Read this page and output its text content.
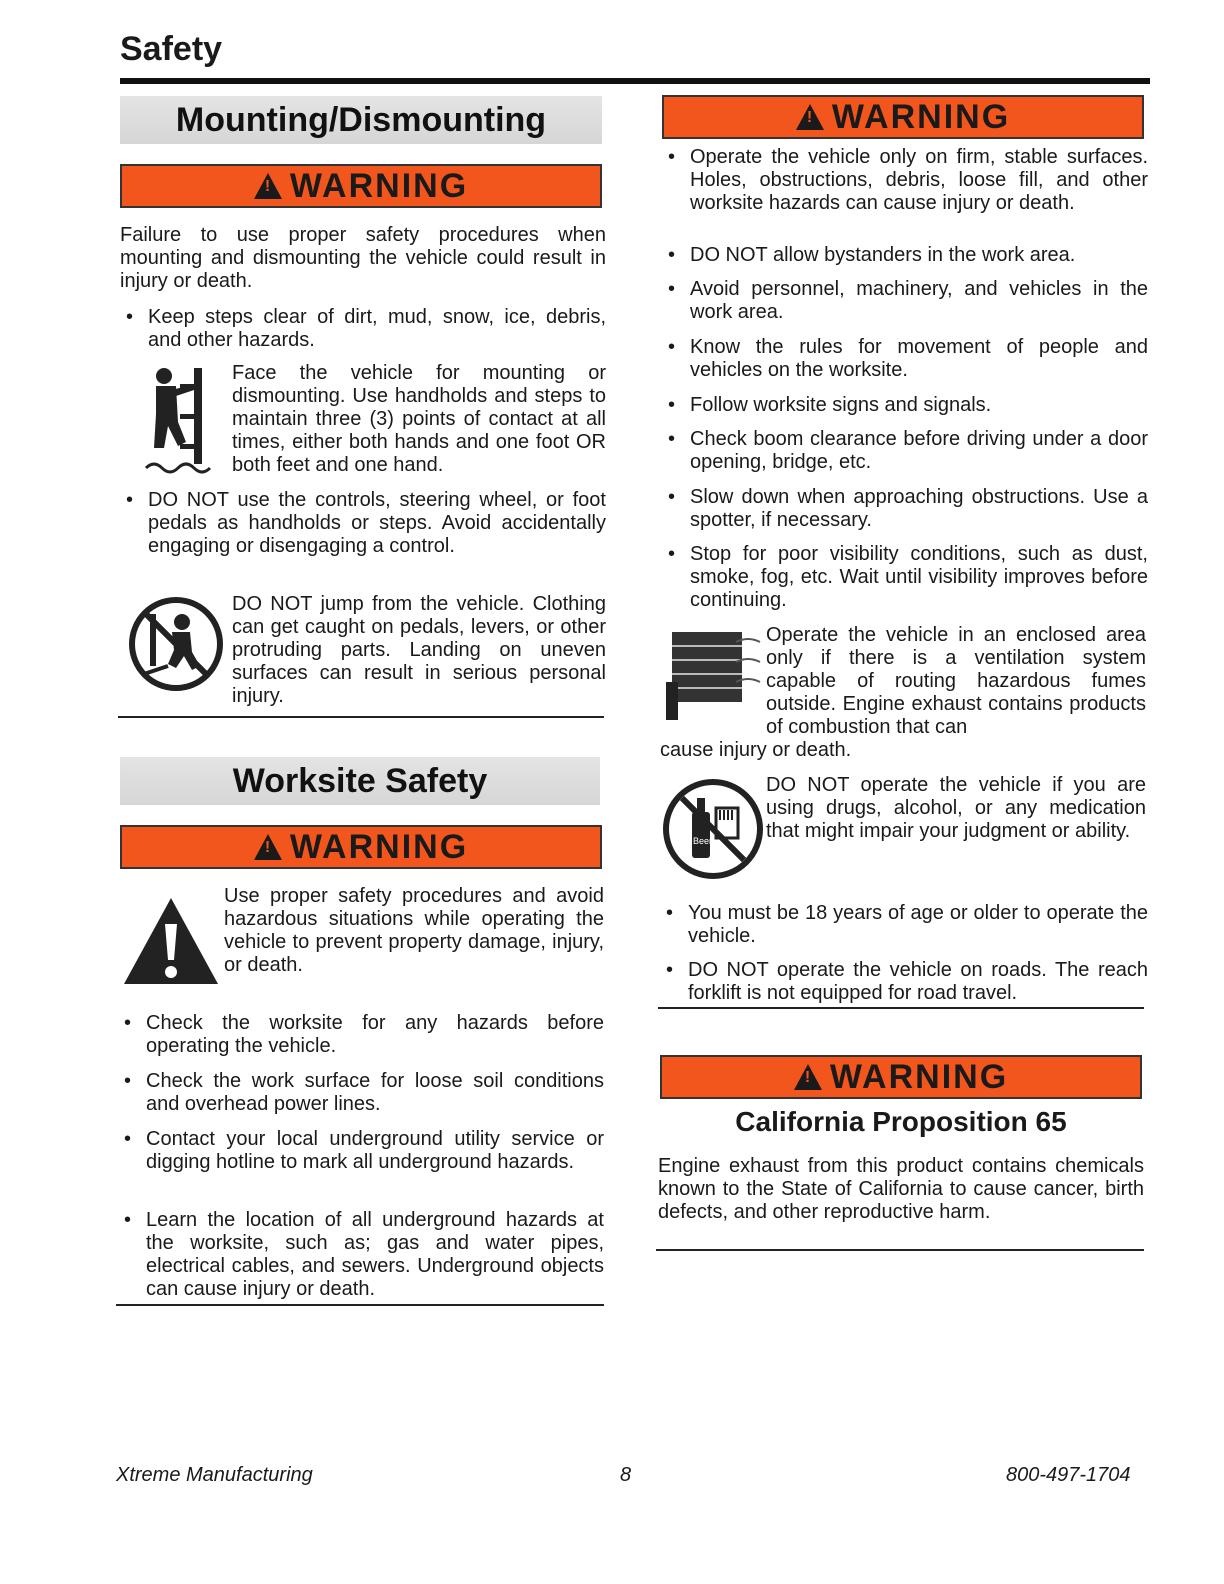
Safety
Mounting/Dismounting
!WARNING

Failure to use proper safety procedures when mounting and dismounting the vehicle could result in injury or death.

• Keep steps clear of dirt, mud, snow, ice, debris, and other hazards.

Face the vehicle for mounting or dismounting. Use handholds and steps to maintain three (3) points of contact at all times, either both hands and one foot OR both feet and one hand.

• DO NOT use the controls, steering wheel, or foot pedals as handholds or steps. Avoid accidentally engaging or disengaging a control.

DO NOT jump from the vehicle. Clothing can get caught on pedals, levers, or other protruding parts. Landing on uneven surfaces can result in serious personal injury.

Worksite Safety
!WARNING

Use proper safety procedures and avoid hazardous situations while operating the vehicle to prevent property damage, injury, or death.

• Check the worksite for any hazards before operating the vehicle.

• Check the work surface for loose soil conditions and overhead power lines.

• Contact your local underground utility service or digging hotline to mark all underground hazards.

• Learn the location of all underground hazards at the worksite, such as; gas and water pipes, electrical cables, and sewers. Underground objects can cause injury or death.

!WARNING

• Operate the vehicle only on firm, stable surfaces. Holes, obstructions, debris, loose fill, and other worksite hazards can cause injury or death.

• DO NOT allow bystanders in the work area.

• Avoid personnel, machinery, and vehicles in the work area.

• Know the rules for movement of people and vehicles on the worksite.

• Follow worksite signs and signals.

• Check boom clearance before driving under a door opening, bridge, etc.

• Slow down when approaching obstructions. Use a spotter, if necessary.

• Stop for poor visibility conditions, such as dust, smoke, fog, etc. Wait until visibility improves before continuing.

Operate the vehicle in an enclosed area only if there is a ventilation system capable of routing hazardous fumes outside. Engine exhaust contains products of combustion that can

cause injury or death.

Beer

DO NOT operate the vehicle if you are using drugs, alcohol, or any medication that might impair your judgment or ability.

• You must be 18 years of age or older to operate the vehicle.

• DO NOT operate the vehicle on roads. The reach forklift is not equipped for road travel.

!WARNING

California Proposition 65

Engine exhaust from this product contains chemicals known to the State of California to cause cancer, birth defects, and other reproductive harm.

Xtreme Manufacturing	8	800-497-1704
